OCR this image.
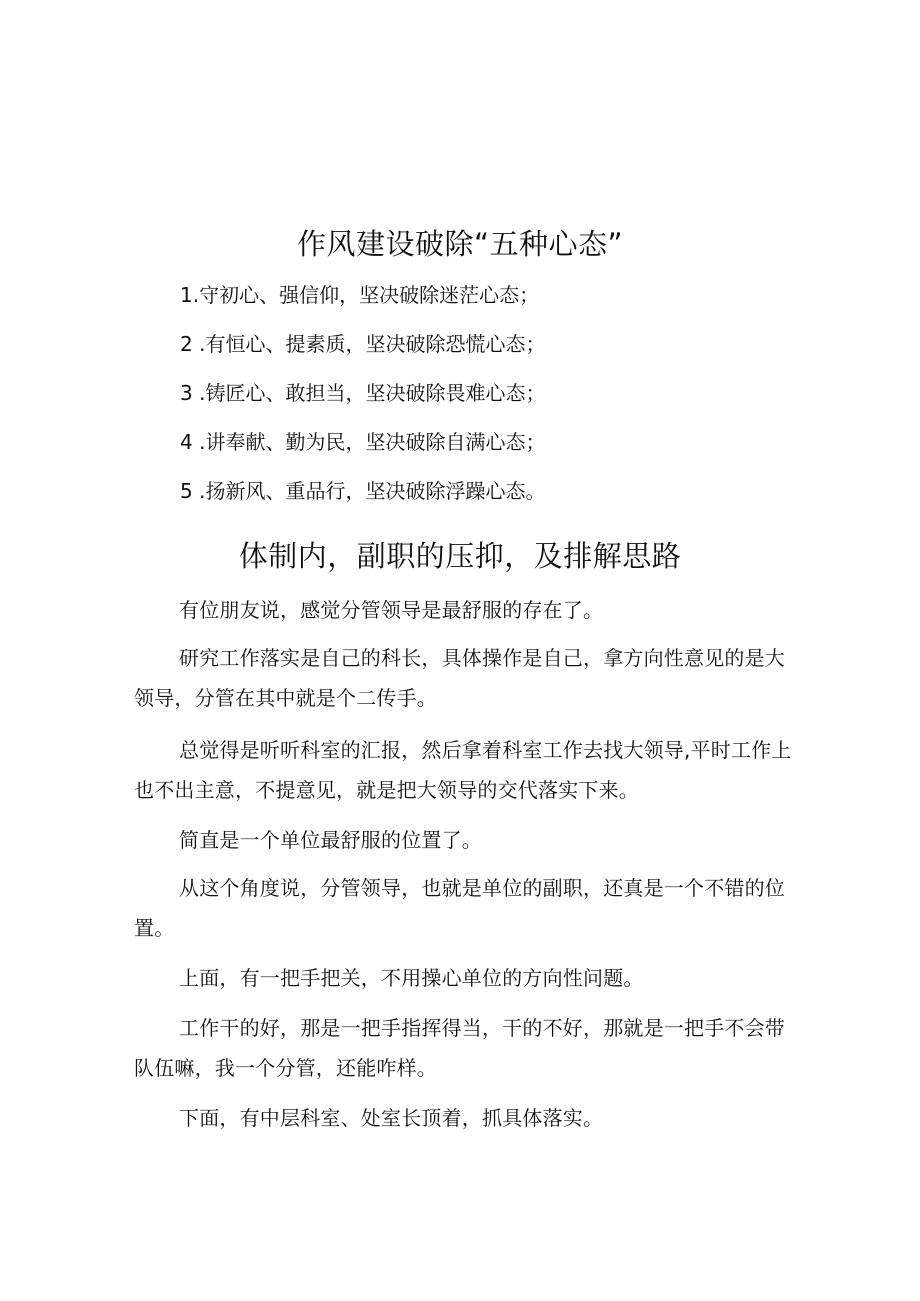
作风建设破除“五种心态”

1.守初心、强信仰，坚决破除迷茫心态；

2 .有恒心、提素质，坚决破除恐慌心态；

3 .铸匠心、敢担当，坚决破除畏难心态；

4 .讲奉献、勤为民，坚决破除自满心态；

5 .扬新风、重品行，坚决破除浮躁心态。

体制内，副职的压抑，及排解思路

有位朋友说，感觉分管领导是最舒服的存在了。

研究工作落实是自己的科长，具体操作是自己，拿方向性意见的是大领导，分管在其中就是个二传手。

总觉得是听听科室的汇报，然后拿着科室工作去找大领导,平时工作上也不出主意，不提意见，就是把大领导的交代落实下来。

简直是一个单位最舒服的位置了。

从这个角度说，分管领导，也就是单位的副职，还真是一个不错的位置。

上面，有一把手把关，不用操心单位的方向性问题。

工作干的好，那是一把手指挥得当，干的不好，那就是一把手不会带队伍嘛，我一个分管，还能咋样。

下面，有中层科室、处室长顶着，抓具体落实。
